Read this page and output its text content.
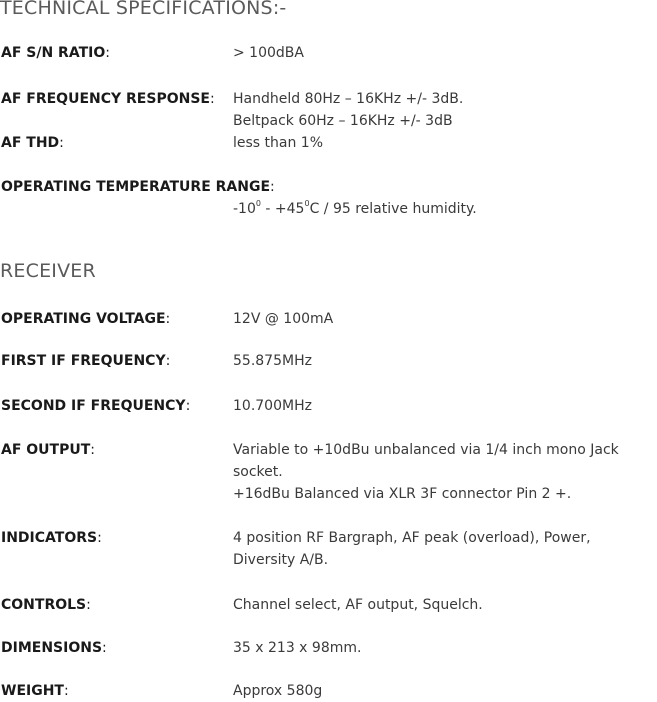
TECHNICAL SPECIFICATIONS:-
AF S/N RATIO:	> 100dBA
AF FREQUENCY RESPONSE: Handheld 80Hz – 16KHz +/- 3dB.
Beltpack 60Hz – 16KHz +/- 3dB
AF THD:	less than 1%
OPERATING TEMPERATURE RANGE:
$-10^0 - +45^0C / 95$ relative humidity.
RECEIVER
OPERATING VOLTAGE:	12V @ 100mA
FIRST IF FREQUENCY:	55.875MHz
SECOND IF FREQUENCY:	10.700MHz
AF OUTPUT:	Variable to +10dBu unbalanced via 1/4 inch mono Jack
socket.
+16dBu Balanced via XLR 3F connector Pin 2 +.
INDICATORS:	4 position RF Bargraph, AF peak (overload), Power,
Diversity A/B.
CONTROLS:	Channel select, AF output, Squelch.
DIMENSIONS:	35 x 213 x 98mm.
WEIGHT:	Approx 580g
